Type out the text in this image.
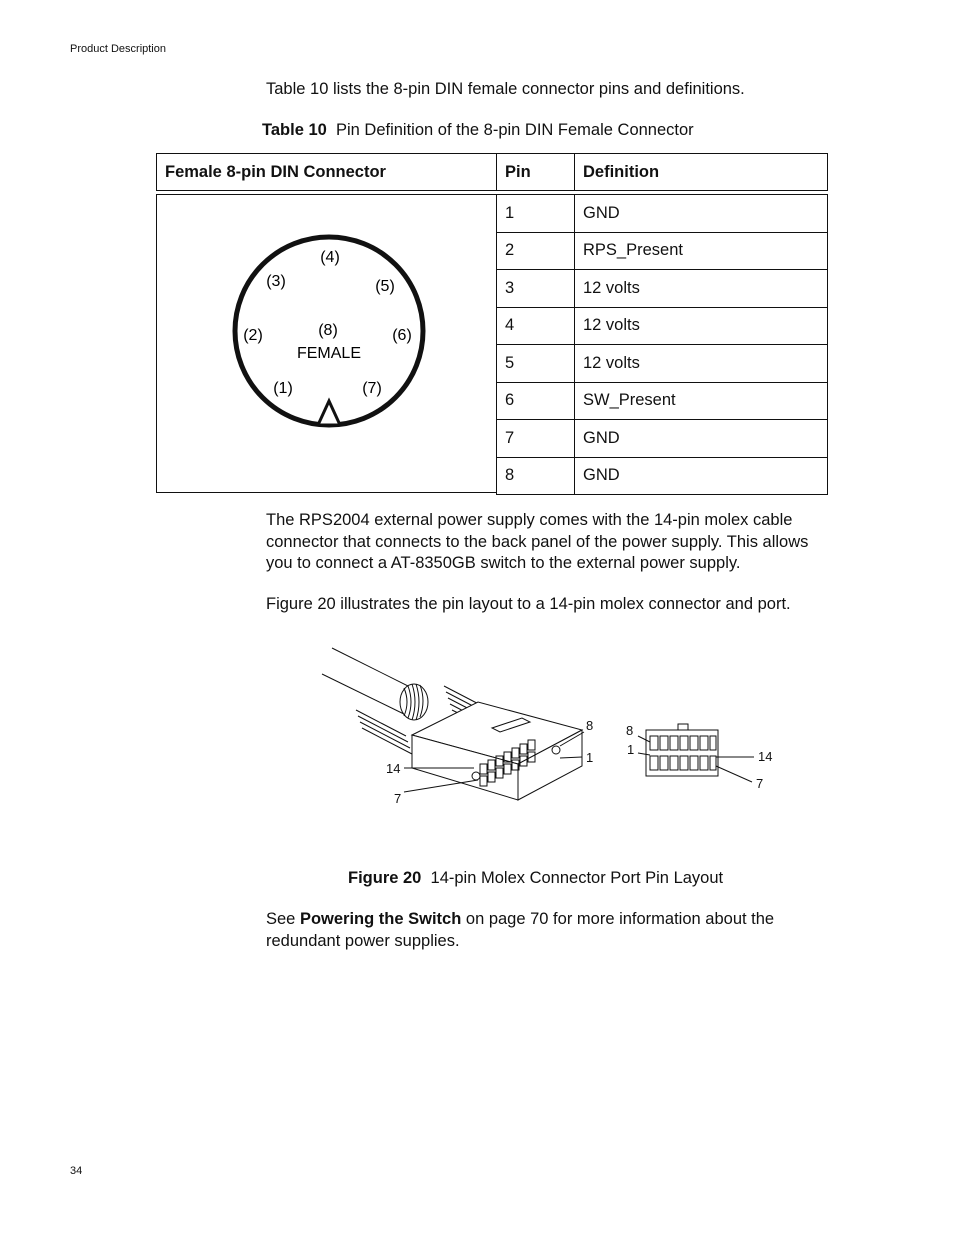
Product Description

Table 10 lists the 8-pin DIN female connector pins and definitions.

Table 10 Pin Definition of the 8-pin DIN Female Connector
Female 8-pin DIN Connector	Pin	Definition
(1)
(2)
(3)
(4)
(5)
(6)
(7)
(8)
FEMALE
1	GND
2	RPS_Present
3	12 volts
4	12 volts
5	12 volts
6	SW_Present
7	GND
8	GND

The RPS2004 external power supply comes with the 14-pin molex cable connector that connects to the back panel of the power supply. This allows you to connect a AT-8350GB switch to the external power supply.

Figure 20 illustrates the pin layout to a 14-pin molex connector and port.

8
1
14
7
8
1	14
7
Figure 20 14-pin Molex Connector Port Pin Layout

See Powering the Switch on page 70 for more information about the redundant power supplies.

34
